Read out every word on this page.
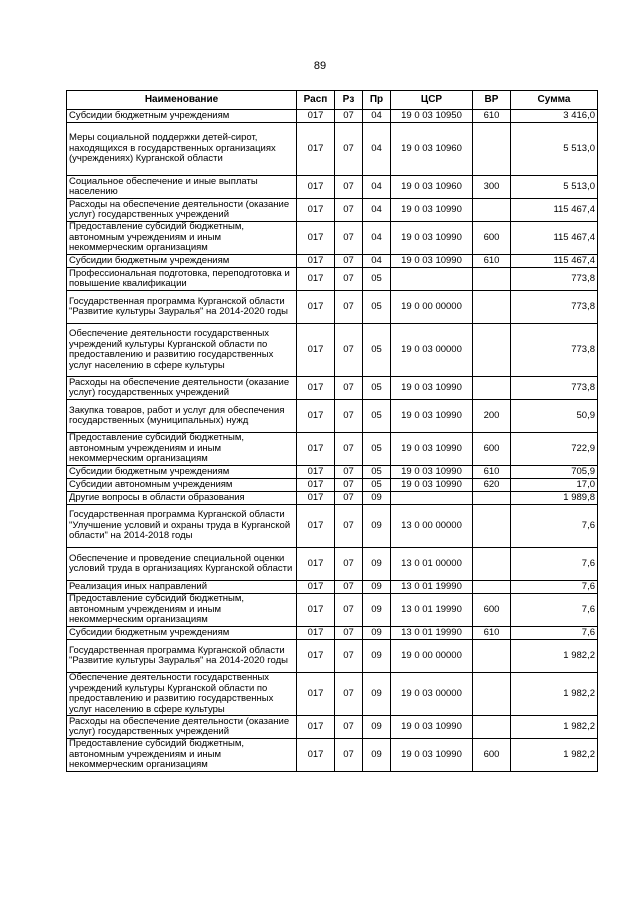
89
Наименование	Расп	Рз	Пр	ЦСР	ВР	Сумма
Субсидии бюджетным учреждениям	017	07	04	19 0 03 10950	610	3 416,0
Меры социальной поддержки детей-сирот, находящихся в государственных организациях (учреждениях) Курганской области	017	07	04	19 0 03 10960		5 513,0
Социальное обеспечение и иные выплаты населению	017	07	04	19 0 03 10960	300	5 513,0
Расходы на обеспечение деятельности (оказание услуг) государственных учреждений	017	07	04	19 0 03 10990		115 467,4
Предоставление субсидий бюджетным, автономным учреждениям и иным некоммерческим организациям	017	07	04	19 0 03 10990	600	115 467,4
Субсидии бюджетным учреждениям	017	07	04	19 0 03 10990	610	115 467,4
Профессиональная подготовка, переподготовка и повышение квалификации	017	07	05			773,8
Государственная программа Курганской области "Развитие культуры Зауралья" на 2014-2020 годы	017	07	05	19 0 00 00000		773,8
Обеспечение деятельности государственных учреждений культуры Курганской области по предоставлению и развитию государственных услуг населению в сфере культуры	017	07	05	19 0 03 00000		773,8
Расходы на обеспечение деятельности (оказание услуг) государственных учреждений	017	07	05	19 0 03 10990		773,8
Закупка товаров, работ и услуг для обеспечения государственных (муниципальных) нужд	017	07	05	19 0 03 10990	200	50,9
Предоставление субсидий бюджетным, автономным учреждениям и иным некоммерческим организациям	017	07	05	19 0 03 10990	600	722,9
Субсидии бюджетным учреждениям	017	07	05	19 0 03 10990	610	705,9
Субсидии автономным учреждениям	017	07	05	19 0 03 10990	620	17,0
Другие вопросы в области образования	017	07	09			1 989,8
Государственная программа Курганской области "Улучшение условий и охраны труда в Курганской области" на 2014-2018 годы	017	07	09	13 0 00 00000		7,6
Обеспечение и проведение специальной оценки условий труда в организациях Курганской области	017	07	09	13 0 01 00000		7,6
Реализация иных направлений	017	07	09	13 0 01 19990		7,6
Предоставление субсидий бюджетным, автономным учреждениям и иным некоммерческим организациям	017	07	09	13 0 01 19990	600	7,6
Субсидии бюджетным учреждениям	017	07	09	13 0 01 19990	610	7,6
Государственная программа Курганской области "Развитие культуры Зауралья" на 2014-2020 годы	017	07	09	19 0 00 00000		1 982,2
Обеспечение деятельности государственных учреждений культуры Курганской области по предоставлению и развитию государственных услуг населению в сфере культуры	017	07	09	19 0 03 00000		1 982,2
Расходы на обеспечение деятельности (оказание услуг) государственных учреждений	017	07	09	19 0 03 10990		1 982,2
Предоставление субсидий бюджетным, автономным учреждениям и иным некоммерческим организациям	017	07	09	19 0 03 10990	600	1 982,2
